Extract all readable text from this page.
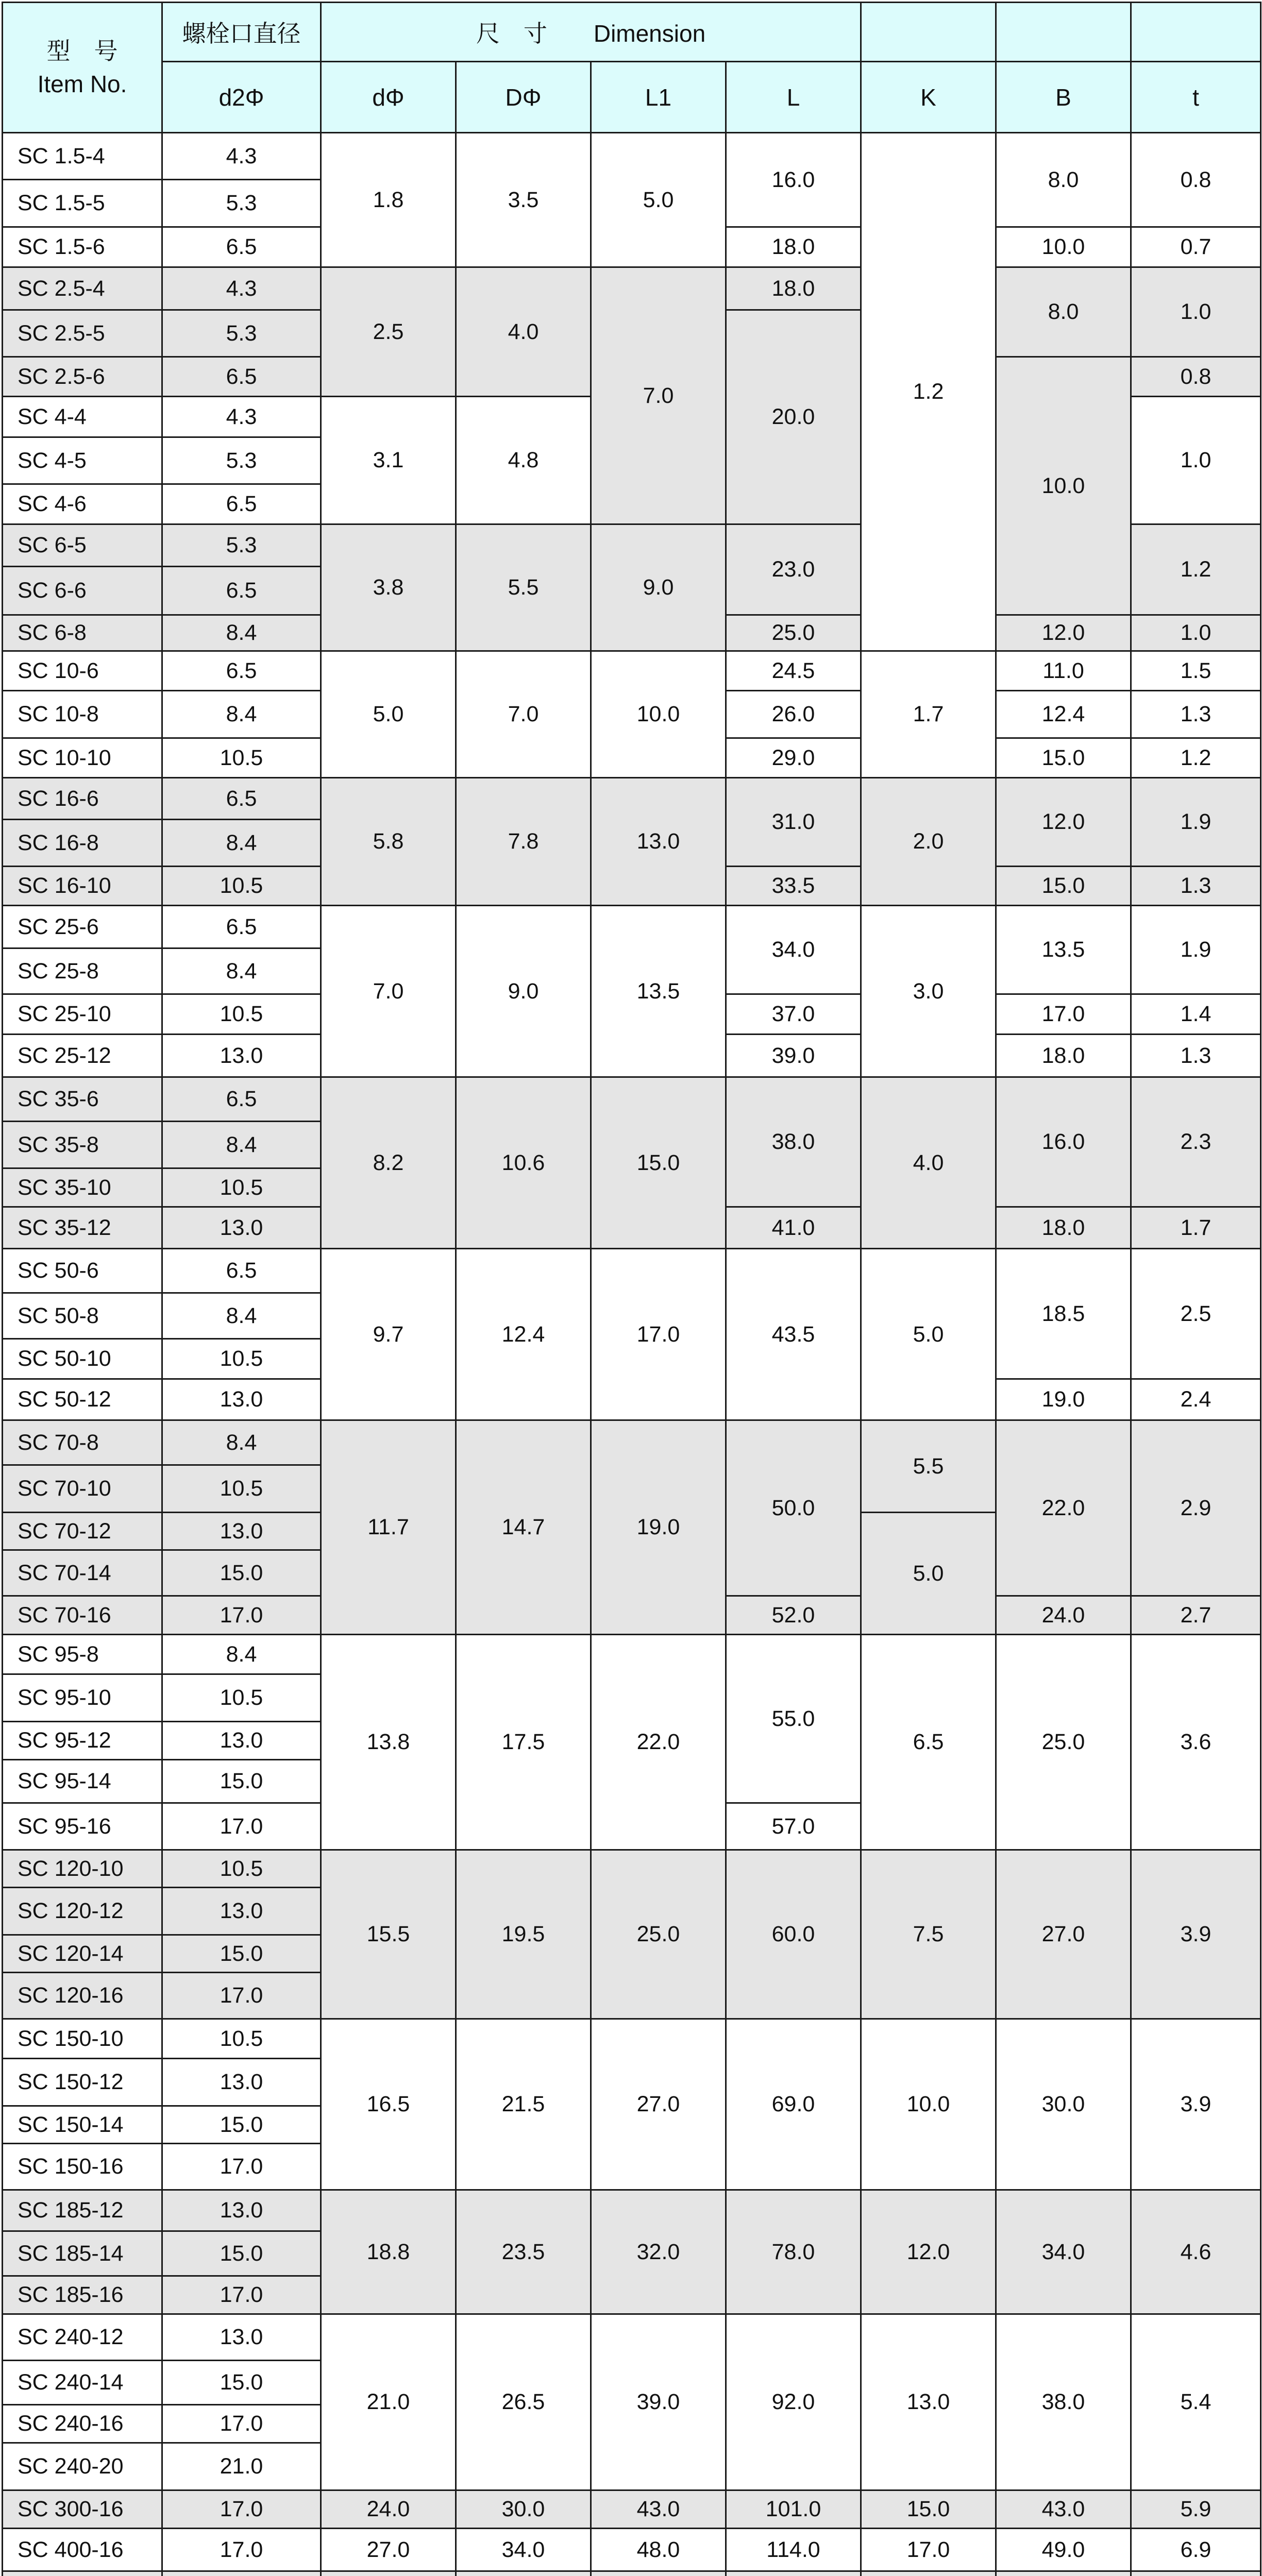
型　号
Item No.	螺栓口直径	尺　寸 Dimension						
	d2Φ	dΦ	DΦ	L1	L	K	B	t
SC 1.5-4	4.3	1.8	3.5	5.0	16.0	1.2	8.0	0.8
SC 1.5-5	5.3							
SC 1.5-6	6.5				18.0		10.0	0.7
SC 2.5-4	4.3	2.5	4.0	7.0	18.0		8.0	1.0
SC 2.5-5	5.3				20.0			
SC 2.5-6	6.5						10.0	0.8
SC 4-4	4.3	3.1	4.8					1.0
SC 4-5	5.3							
SC 4-6	6.5							
SC 6-5	5.3	3.8	5.5	9.0	23.0			1.2
SC 6-6	6.5							
SC 6-8	8.4				25.0		12.0	1.0
SC 10-6	6.5	5.0	7.0	10.0	24.5	1.7	11.0	1.5
SC 10-8	8.4				26.0		12.4	1.3
SC 10-10	10.5				29.0		15.0	1.2
SC 16-6	6.5	5.8	7.8	13.0	31.0	2.0	12.0	1.9
SC 16-8	8.4							
SC 16-10	10.5				33.5		15.0	1.3
SC 25-6	6.5	7.0	9.0	13.5	34.0	3.0	13.5	1.9
SC 25-8	8.4							
SC 25-10	10.5				37.0		17.0	1.4
SC 25-12	13.0				39.0		18.0	1.3
SC 35-6	6.5	8.2	10.6	15.0	38.0	4.0	16.0	2.3
SC 35-8	8.4							
SC 35-10	10.5							
SC 35-12	13.0				41.0		18.0	1.7
SC 50-6	6.5	9.7	12.4	17.0	43.5	5.0	18.5	2.5
SC 50-8	8.4							
SC 50-10	10.5							
SC 50-12	13.0						19.0	2.4
SC 70-8	8.4	11.7	14.7	19.0	50.0	5.5	22.0	2.9
SC 70-10	10.5							
SC 70-12	13.0					5.0		
SC 70-14	15.0							
SC 70-16	17.0				52.0		24.0	2.7
SC 95-8	8.4	13.8	17.5	22.0	55.0	6.5	25.0	3.6
SC 95-10	10.5							
SC 95-12	13.0							
SC 95-14	15.0							
SC 95-16	17.0				57.0			
SC 120-10	10.5	15.5	19.5	25.0	60.0	7.5	27.0	3.9
SC 120-12	13.0							
SC 120-14	15.0							
SC 120-16	17.0							
SC 150-10	10.5	16.5	21.5	27.0	69.0	10.0	30.0	3.9
SC 150-12	13.0							
SC 150-14	15.0							
SC 150-16	17.0							
SC 185-12	13.0	18.8	23.5	32.0	78.0	12.0	34.0	4.6
SC 185-14	15.0							
SC 185-16	17.0							
SC 240-12	13.0	21.0	26.5	39.0	92.0	13.0	38.0	5.4
SC 240-14	15.0							
SC 240-16	17.0							
SC 240-20	21.0							
SC 300-16	17.0	24.0	30.0	43.0	101.0	15.0	43.0	5.9
SC 400-16	17.0	27.0	34.0	48.0	114.0	17.0	49.0	6.9
